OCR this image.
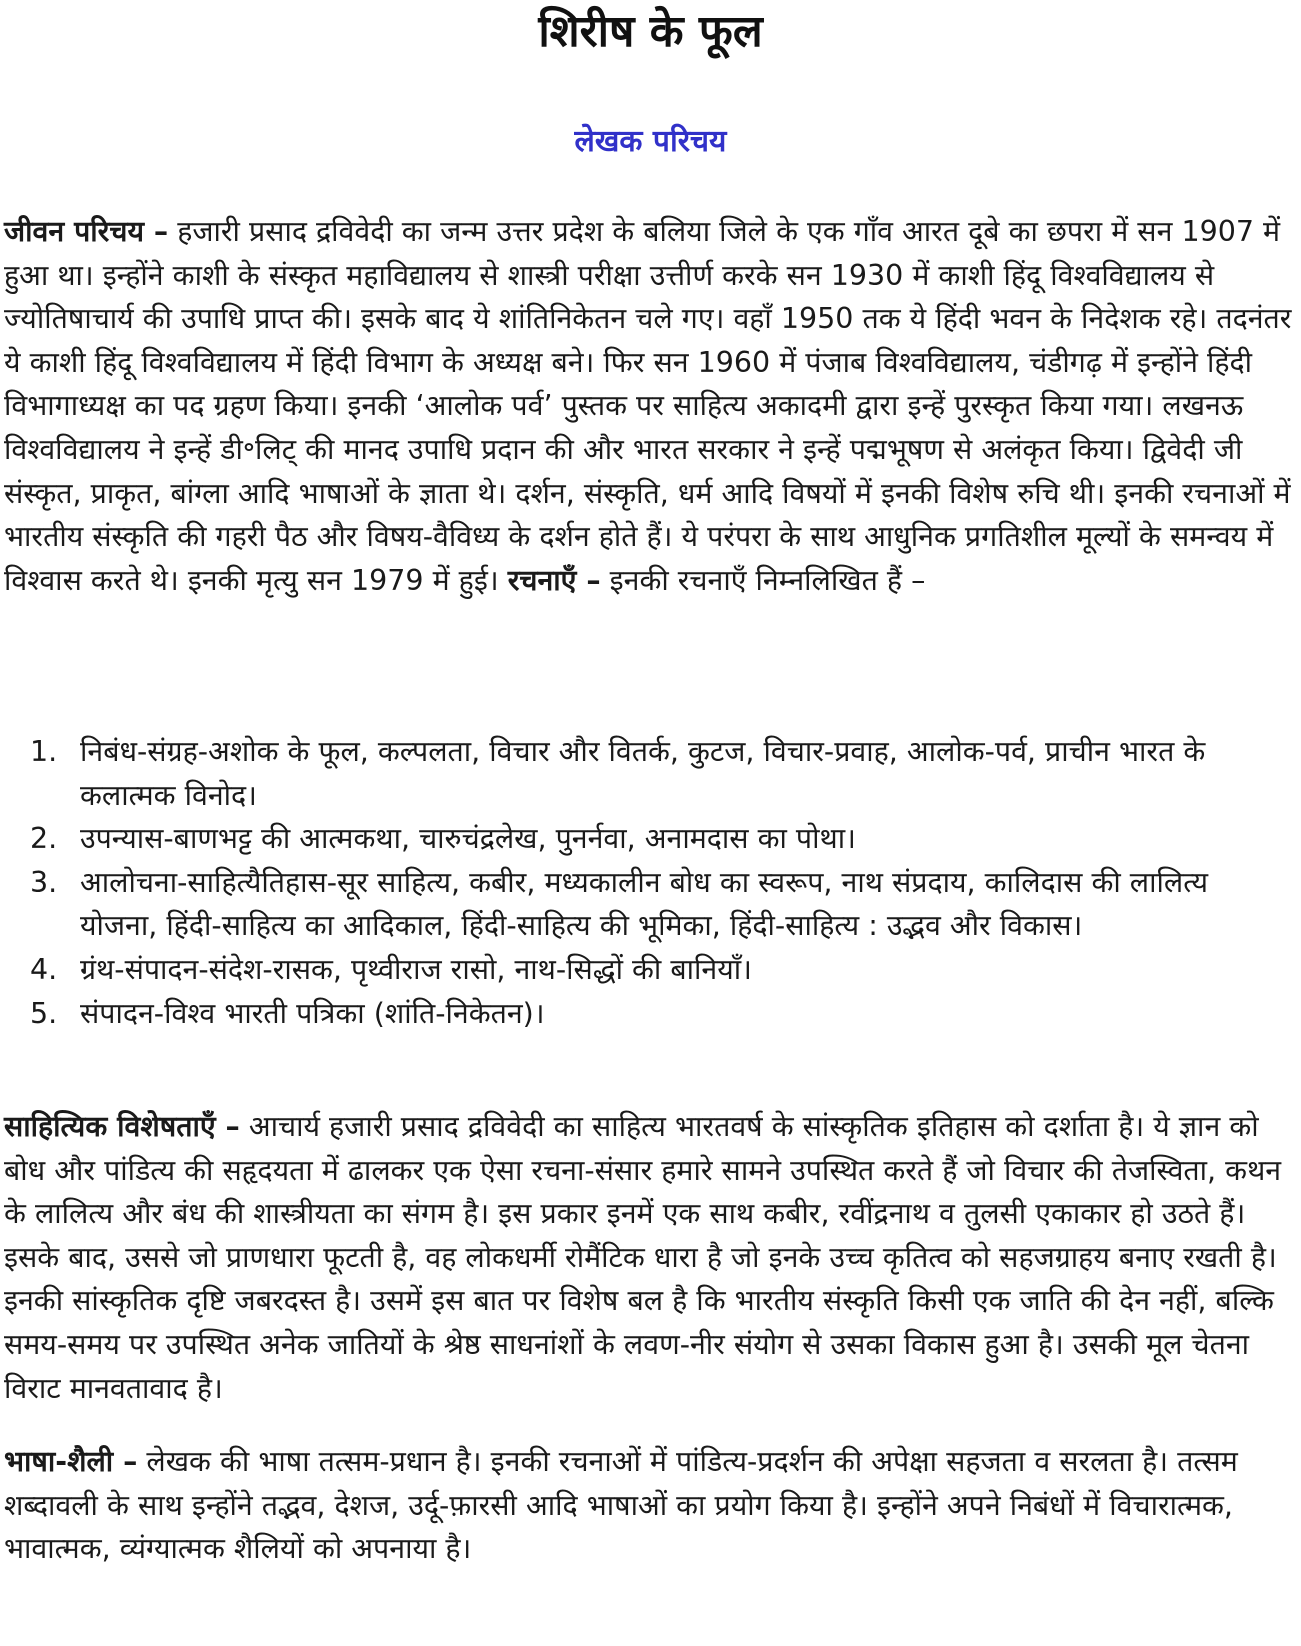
शिरीष के फूल
लेखक परिचय

जीवन परिचय – हजारी प्रसाद द्रविवेदी का जन्म उत्तर प्रदेश के बलिया जिले के एक गाँव आरत दूबे का छपरा में सन 1907 में हुआ था। इन्होंने काशी के संस्कृत महाविद्यालय से शास्त्री परीक्षा उत्तीर्ण करके सन 1930 में काशी हिंदू विश्वविद्यालय से ज्योतिषाचार्य की उपाधि प्राप्त की। इसके बाद ये शांतिनिकेतन चले गए। वहाँ 1950 तक ये हिंदी भवन के निदेशक रहे। तदनंतर ये काशी हिंदू विश्वविद्यालय में हिंदी विभाग के अध्यक्ष बने। फिर सन 1960 में पंजाब विश्वविद्यालय, चंडीगढ़ में इन्होंने हिंदी विभागाध्यक्ष का पद ग्रहण किया। इनकी ‘आलोक पर्व’ पुस्तक पर साहित्य अकादमी द्वारा इन्हें पुरस्कृत किया गया। लखनऊ विश्वविद्यालय ने इन्हें डी॰लिट् की मानद उपाधि प्रदान की और भारत सरकार ने इन्हें पद्मभूषण से अलंकृत किया। द्विवेदी जी संस्कृत, प्राकृत, बांग्ला आदि भाषाओं के ज्ञाता थे। दर्शन, संस्कृति, धर्म आदि विषयों में इनकी विशेष रुचि थी। इनकी रचनाओं में भारतीय संस्कृति की गहरी पैठ और विषय-वैविध्य के दर्शन होते हैं। ये परंपरा के साथ आधुनिक प्रगतिशील मूल्यों के समन्वय में विश्वास करते थे। इनकी मृत्यु सन 1979 में हुई। रचनाएँ – इनकी रचनाएँ निम्नलिखित हैं –

1. निबंध-संग्रह-अशोक के फूल, कल्पलता, विचार और वितर्क, कुटज, विचार-प्रवाह, आलोक-पर्व, प्राचीन भारत के कलात्मक विनोद।
2. उपन्यास-बाणभट्ट की आत्मकथा, चारुचंद्रलेख, पुनर्नवा, अनामदास का पोथा।
3. आलोचना-साहित्यैतिहास-सूर साहित्य, कबीर, मध्यकालीन बोध का स्वरूप, नाथ संप्रदाय, कालिदास की लालित्य योजना, हिंदी-साहित्य का आदिकाल, हिंदी-साहित्य की भूमिका, हिंदी-साहित्य : उद्भव और विकास।
4. ग्रंथ-संपादन-संदेश-रासक, पृथ्वीराज रासो, नाथ-सिद्धों की बानियाँ।
5. संपादन-विश्व भारती पत्रिका (शांति-निकेतन)।

साहित्यिक विशेषताएँ – आचार्य हजारी प्रसाद द्रविवेदी का साहित्य भारतवर्ष के सांस्कृतिक इतिहास को दर्शाता है। ये ज्ञान को बोध और पांडित्य की सहृदयता में ढालकर एक ऐसा रचना-संसार हमारे सामने उपस्थित करते हैं जो विचार की तेजस्विता, कथन के लालित्य और बंध की शास्त्रीयता का संगम है। इस प्रकार इनमें एक साथ कबीर, रवींद्रनाथ व तुलसी एकाकार हो उठते हैं। इसके बाद, उससे जो प्राणधारा फूटती है, वह लोकधर्मी रोमैंटिक धारा है जो इनके उच्च कृतित्व को सहजग्राहय बनाए रखती है। इनकी सांस्कृतिक दृष्टि जबरदस्त है। उसमें इस बात पर विशेष बल है कि भारतीय संस्कृति किसी एक जाति की देन नहीं, बल्कि समय-समय पर उपस्थित अनेक जातियों के श्रेष्ठ साधनांशों के लवण-नीर संयोग से उसका विकास हुआ है। उसकी मूल चेतना विराट मानवतावाद है।

भाषा-शैली – लेखक की भाषा तत्सम-प्रधान है। इनकी रचनाओं में पांडित्य-प्रदर्शन की अपेक्षा सहजता व सरलता है। तत्सम शब्दावली के साथ इन्होंने तद्भव, देशज, उर्दू-फ़ारसी आदि भाषाओं का प्रयोग किया है। इन्होंने अपने निबंधों में विचारात्मक, भावात्मक, व्यंग्यात्मक शैलियों को अपनाया है।
